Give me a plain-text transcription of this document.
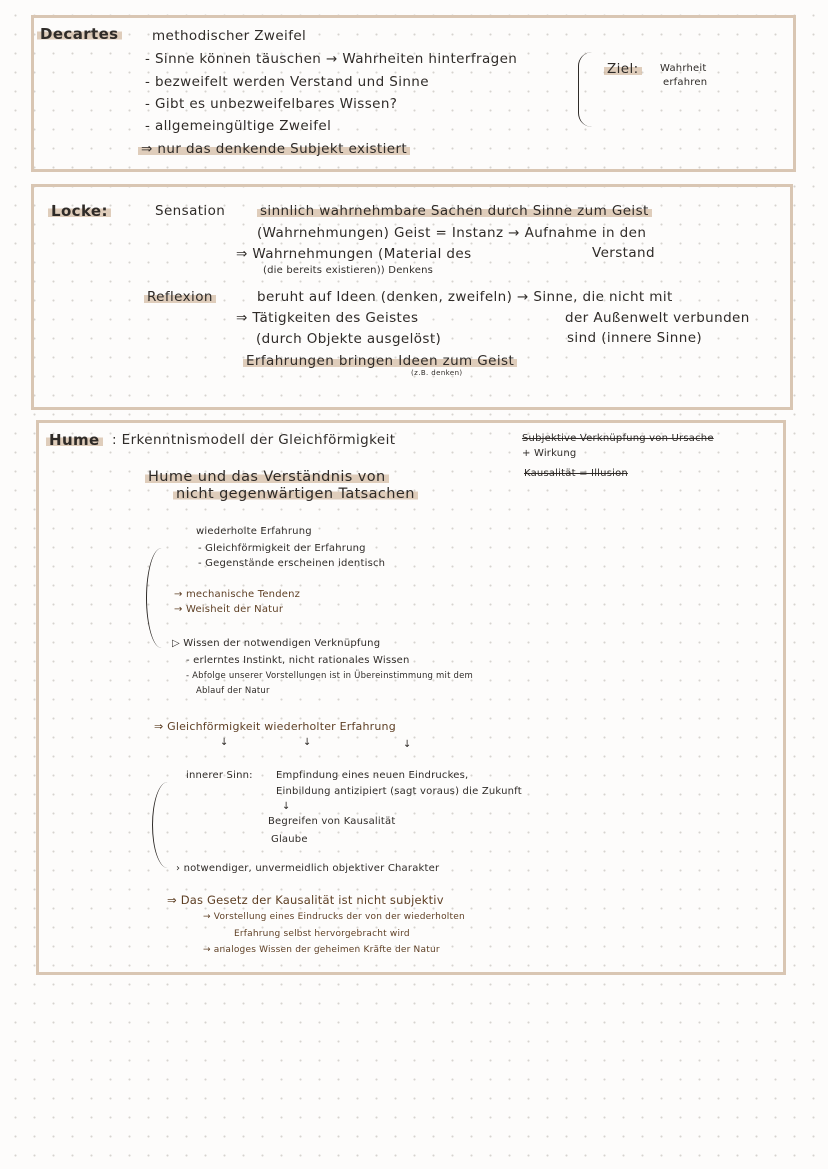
Decartes methodischer Zweifel
- Sinne können täuschen → Wahrheiten hinterfragen
- bezweifelt werden Verstand und Sinne
- Gibt es unbezweifelbares Wissen?
- allgemeingültige Zweifel
⇒ nur das denkende Subjekt existiert
Ziel:	Wahrheit
erfahren
Locke:	Sensation	sinnlich wahrnehmbare Sachen durch Sinne zum Geist
(Wahrnehmungen) Geist = Instanz → Aufnahme in den
⇒ Wahrnehmungen (Material des	Verstand
(die bereits existieren)) Denkens
Reflexion	beruht auf Ideen (denken, zweifeln) → Sinne, die nicht mit
⇒ Tätigkeiten des Geistes	der Außenwelt verbunden
(durch Objekte ausgelöst)	sind (innere Sinne)
Erfahrungen bringen Ideen zum Geist
(z.B. denken)
Hume : Erkenntnismodell der Gleichförmigkeit	Subjektive Verknüpfung von Ursache
+ Wirkung
Kausalität = Illusion
Hume und das Verständnis von
nicht gegenwärtigen Tatsachen
wiederholte Erfahrung
- Gleichförmigkeit der Erfahrung
- Gegenstände erscheinen identisch
→ mechanische Tendenz
→ Weisheit der Natur
▷ Wissen der notwendigen Verknüpfung
- erlerntes Instinkt, nicht rationales Wissen
- Abfolge unserer Vorstellungen ist in Übereinstimmung mit dem
Ablauf der Natur
⇒ Gleichförmigkeit wiederholter Erfahrung
↓	↓	↓
innerer Sinn: Empfindung eines neuen Eindruckes,
Einbildung antizipiert (sagt voraus) die Zukunft
↓
Begreifen von Kausalität
Glaube
› notwendiger, unvermeidlich objektiver Charakter
⇒ Das Gesetz der Kausalität ist nicht subjektiv
→ Vorstellung eines Eindrucks der von der wiederholten
Erfahrung selbst hervorgebracht wird
→ analoges Wissen der geheimen Kräfte der Natur
